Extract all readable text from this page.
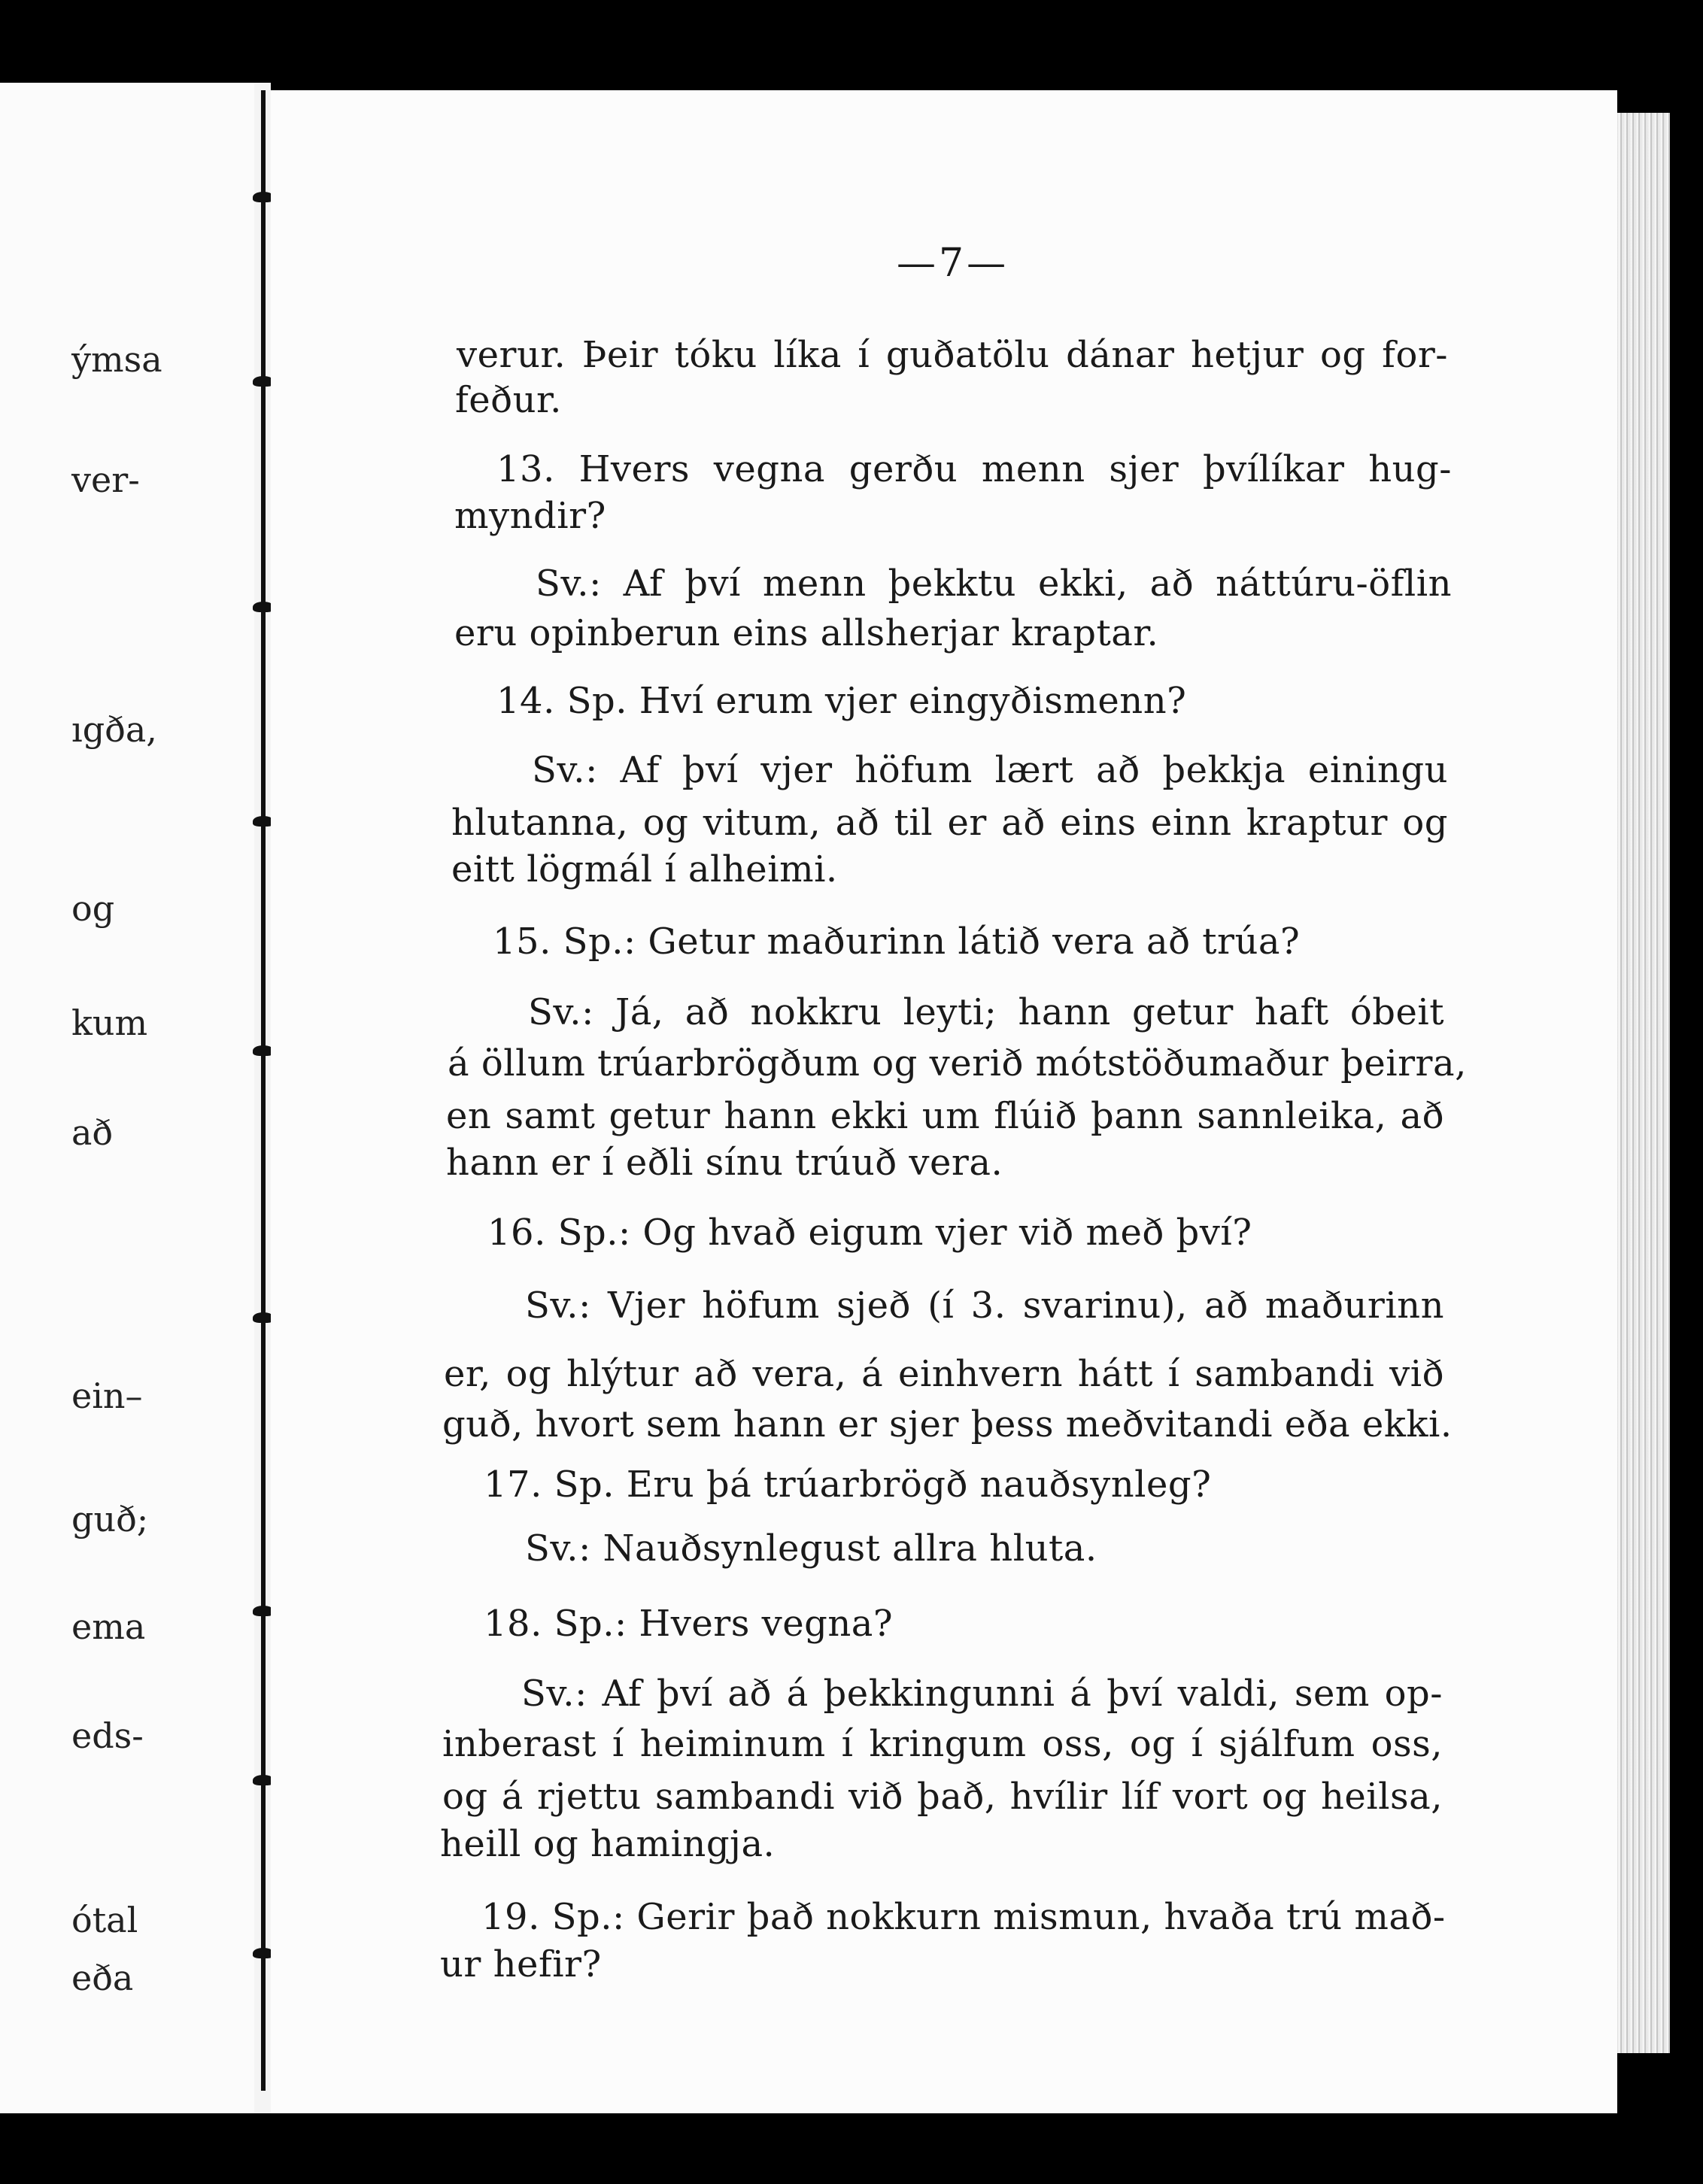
ýmsa
ver-
ıgða,
og
kum
að
ein–
guð;
ema
eds-
ótal
eða
—7—
verur. Þeir tóku líka í guðatölu dánar hetjur og for-
feður.
13. Hvers vegna gerðu menn sjer þvílíkar hug-
myndir?
Sv.: Af því menn þekktu ekki, að náttúru-öflin
eru opinberun eins allsherjar kraptar.
14. Sp. Hví erum vjer eingyðismenn?
Sv.: Af því vjer höfum lært að þekkja einingu
hlutanna, og vitum, að til er að eins einn kraptur og
eitt lögmál í alheimi.
15. Sp.: Getur maðurinn látið vera að trúa?
Sv.: Já, að nokkru leyti; hann getur haft óbeit
á öllum trúarbrögðum og verið mótstöðumaður þeirra,
en samt getur hann ekki um flúið þann sannleika, að
hann er í eðli sínu trúuð vera.
16. Sp.: Og hvað eigum vjer við með því?
Sv.: Vjer höfum sjeð (í 3. svarinu), að maðurinn
er, og hlýtur að vera, á einhvern hátt í sambandi við
guð, hvort sem hann er sjer þess meðvitandi eða ekki.
17. Sp. Eru þá trúarbrögð nauðsynleg?
Sv.: Nauðsynlegust allra hluta.
18. Sp.: Hvers vegna?
Sv.: Af því að á þekkingunni á því valdi, sem op-
inberast í heiminum í kringum oss, og í sjálfum oss,
og á rjettu sambandi við það, hvílir líf vort og heilsa,
heill og hamingja.
19. Sp.: Gerir það nokkurn mismun, hvaða trú mað-
ur hefir?
